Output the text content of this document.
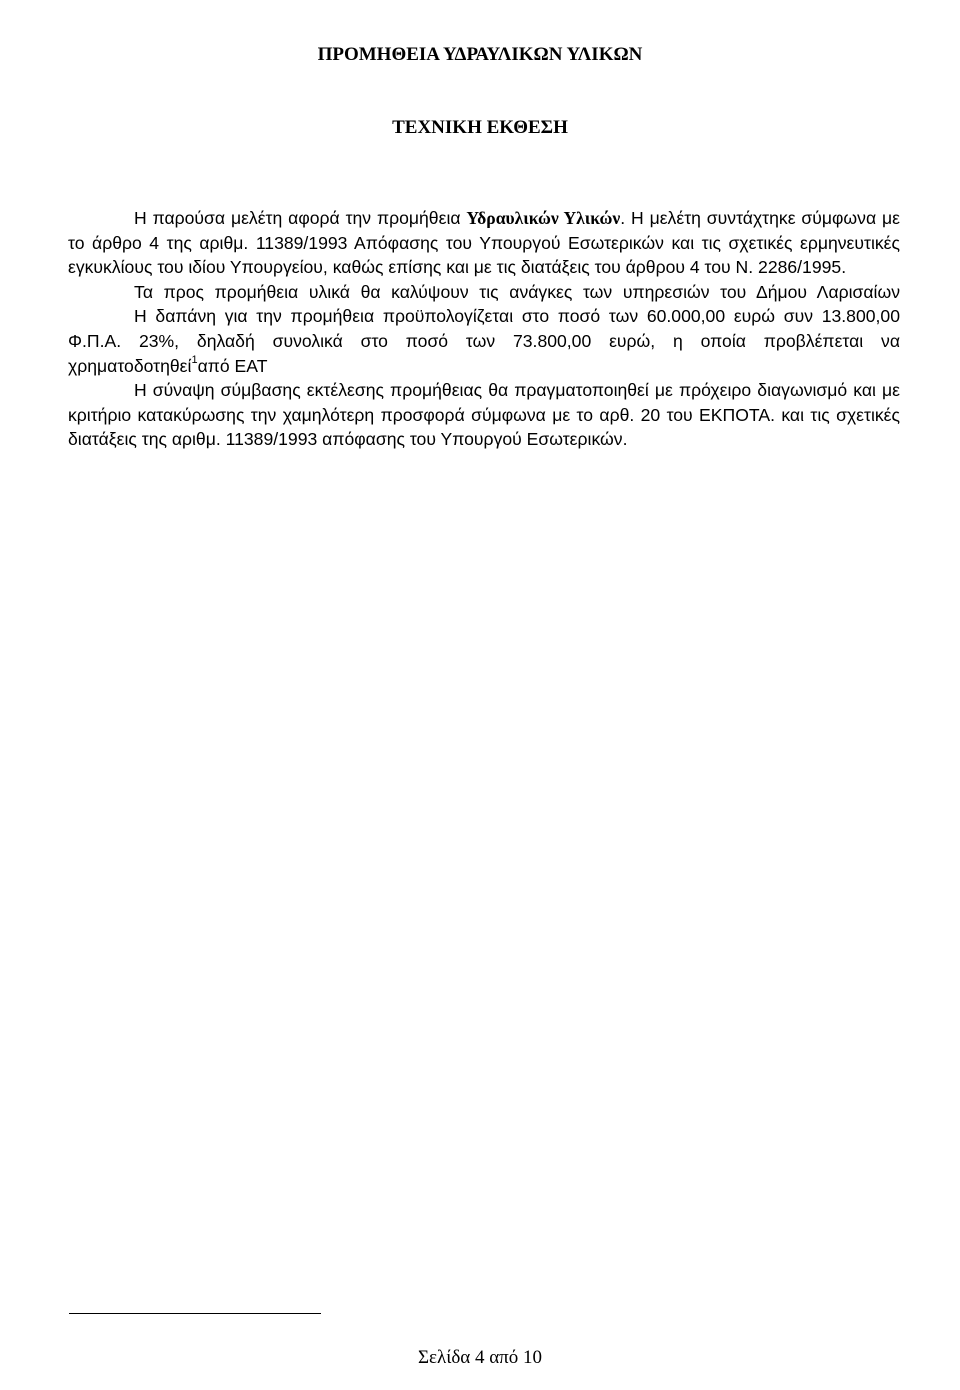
ΠΡΟΜΗΘΕΙΑ ΥΔΡΑΥΛΙΚΩΝ ΥΛΙΚΩΝ
ΤΕΧΝΙΚΗ ΕΚΘΕΣΗ

Η παρούσα μελέτη αφορά την προμήθεια Υδραυλικών Υλικών. Η μελέτη συντάχτηκε σύμφωνα με το άρθρο 4 της αριθμ. 11389/1993 Απόφασης του Υπουργού Εσωτερικών και τις σχετικές ερμηνευτικές εγκυκλίους του ιδίου Υπουργείου, καθώς επίσης και με τις διατάξεις του άρθρου 4 του Ν. 2286/1995.

Τα προς προμήθεια υλικά θα καλύψουν τις ανάγκες των υπηρεσιών του Δήμου Λαρισαίων

Η δαπάνη για την προμήθεια προϋπολογίζεται στο ποσό των 60.000,00 ευρώ συν 13.800,00 Φ.Π.Α. 23%, δηλαδή συνολικά στο ποσό των 73.800,00 ευρώ, η οποία προβλέπεται να χρηματοδοτηθεί$^1$από ΕΑΤ

Η σύναψη σύμβασης εκτέλεσης προμήθειας θα πραγματοποιηθεί με πρόχειρο διαγωνισμό και με κριτήριο κατακύρωσης την χαμηλότερη προσφορά σύμφωνα με το αρθ. 20 του ΕΚΠΟΤΑ. και τις σχετικές διατάξεις της αριθμ. 11389/1993 απόφασης του Υπουργού Εσωτερικών.

Σελίδα 4 από 10
